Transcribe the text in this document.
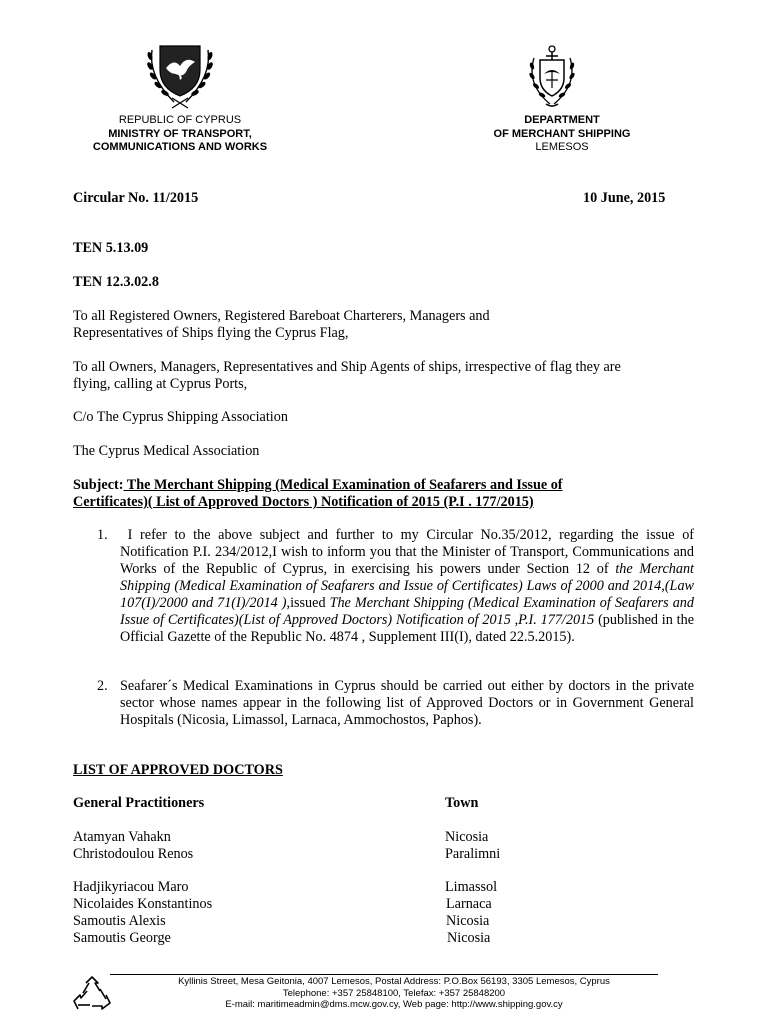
REPUBLIC OF CYPRUS
MINISTRY OF TRANSPORT,
COMMUNICATIONS AND WORKS
DEPARTMENT
OF MERCHANT SHIPPING
LEMESOS
Circular No. 11/2015	10 June, 2015
TEN 5.13.09
TEN 12.3.02.8
To all Registered Owners, Registered Bareboat Charterers, Managers and
Representatives of Ships flying the Cyprus Flag,
To all Owners, Managers, Representatives and Ship Agents of ships, irrespective of flag they are
flying, calling at Cyprus Ports,
C/o The Cyprus Shipping Association
The Cyprus Medical Association
Subject: The Merchant Shipping (Medical Examination of Seafarers and Issue of
Certificates)( List of Approved Doctors ) Notification of 2015 (P.I . 177/2015)
1.	I refer to the above subject and further to my Circular No.35/2012, regarding the issue of Notification P.I. 234/2012,I wish to inform you that the Minister of Transport, Communications and Works of the Republic of Cyprus, in exercising his powers under Section 12 of the Merchant Shipping (Medical Examination of Seafarers and Issue of Certificates) Laws of 2000 and 2014,(Law 107(I)/2000 and 71(I)/2014 ),issued The Merchant Shipping (Medical Examination of Seafarers and Issue of Certificates)(List of Approved Doctors) Notification of 2015 ,P.I. 177/2015 (published in the Official Gazette of the Republic No. 4874 , Supplement III(I), dated 22.5.2015).
2. Seafarer´s Medical Examinations in Cyprus should be carried out either by doctors in the private sector whose names appear in the following list of Approved Doctors or in Government General Hospitals (Nicosia, Limassol, Larnaca, Ammochostos, Paphos).
LIST OF APPROVED DOCTORS
General Practitioners	Town
Atamyan Vahakn	Nicosia
Christodoulou Renos	Paralimni
Hadjikyriacou Maro	Limassol
Nicolaides Konstantinos	Larnaca
Samoutis Alexis	Nicosia
Samoutis George	Nicosia
Kyllinis Street, Mesa Geitonia, 4007 Lemesos, Postal Address: P.O.Box 56193, 3305 Lemesos, Cyprus
Telephone: +357 25848100, Telefax: +357 25848200
E-mail: maritimeadmin@dms.mcw.gov.cy, Web page: http://www.shipping.gov.cy
